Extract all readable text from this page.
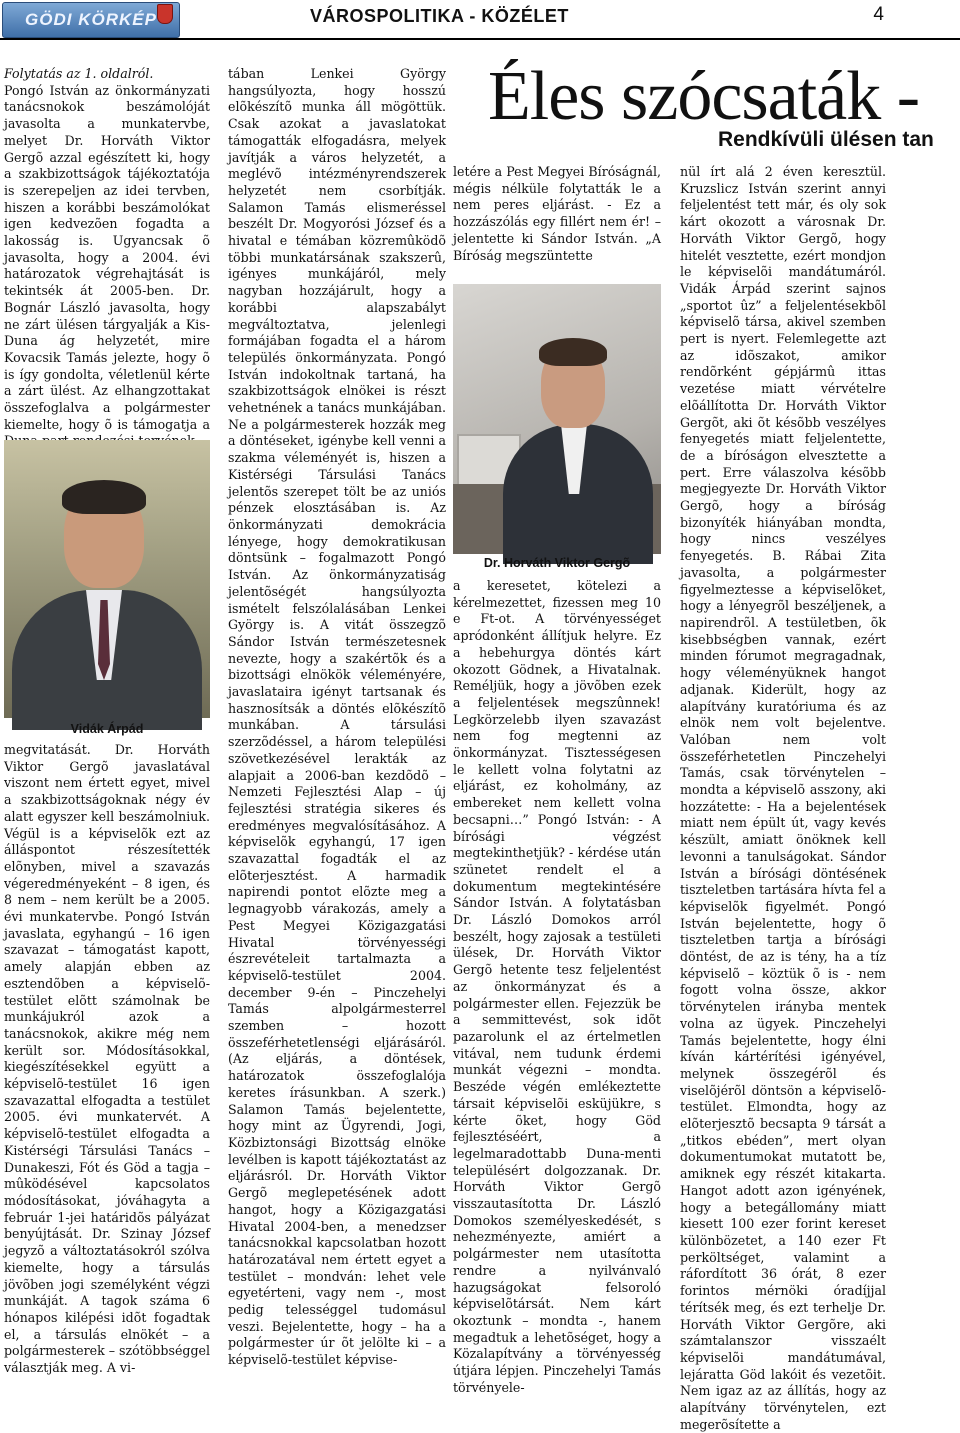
GÖDI KÖRKÉP	VÁROSPOLITIKA - KÖZÉLET	4
Éles szócsaták -
Rendkívüli ülésen tan

Folytatás az 1. oldalról.

Pongó István az önkormányzati tanácsnokok beszámolóját javasolta a munkatervbe, melyet Dr. Horváth Viktor Gergõ azzal egészített ki, hogy a szakbizottságok tájékoztatója is szerepeljen az idei tervben, hiszen a korábbi beszámolókat igen kedvezõen fogadta a lakosság is. Ugyancsak õ javasolta, hogy a 2004. évi határozatok végrehajtását is tekintsék át 2005-ben. Dr. Bognár László javasolta, hogy ne zárt ülésen tárgyalják a Kis-Duna ág helyzetét, mire Kovacsik Tamás jelezte, hogy õ is így gondolta, véletlenül kérte a zárt ülést. Az elhangzottakat összefoglalva a polgármester kiemelte, hogy õ is támogatja a

Vidák Árpád

megvitatását. Dr. Horváth Viktor Gergõ javaslatával viszont nem értett egyet, mivel a szakbizottságoknak négy év alatt egyszer kell beszámolniuk. Végül is a képviselõk ezt az álláspontot részesítették elõnyben, mivel a szavazás végeredményeként – 8 igen, és 8 nem – nem került be a 2005. évi munkatervbe. Pongó István javaslata, egyhangú – 16 igen szavazat – támogatást kapott, amely alapján ebben az esztendõben a képviselõ-testület elõtt számolnak be munkájukról azok a tanácsnokok, akikre még nem került sor. Módosításokkal, kiegészítésekkel együtt a képviselõ-testület 16 igen szavazattal elfogadta a testület 2005. évi munkatervét. A képviselõ-testület elfogadta a Kistérségi Társulási Tanács – Dunakeszi, Fót és Göd a tagja – mûködésével kapcsolatos módosításokat, jóváhagyta a február 1-jei határidõs pályázat benyújtását. Dr. Szinay József jegyzõ a változtatásokról szólva kiemelte, hogy a társulás jövõben jogi személyként végzi munkáját. A tagok száma 6 hónapos kilépési idõt fogadtak el, a társulás elnökét – a polgármesterek – szótöbbséggel választják meg. A vi-

tában Lenkei György hangsúlyozta, hogy hosszú elõkészítõ munka áll mögöttük. Csak azokat a javaslatokat támogatták elfogadásra, melyek javítják a város helyzetét, a meglévõ intézményrendszerek helyzetét nem csorbítják. Salamon Tamás elismeréssel beszélt Dr. Mogyorósi József és a hivatal e témában közremûködõ többi munkatársának szakszerû, igényes munkájáról, mely nagyban hozzájárult, hogy a korábbi alapszabályt megváltoztatva, jelenlegi formájában fogadta el a három település önkormányzata. Pongó István indokoltnak tartaná, ha szakbizottságok elnökei is részt vehetnének a tanács munkájában. Ne a polgármesterek hozzák meg a döntéseket, igénybe kell venni a szakma véleményét is, hiszen a Kistérségi Társulási Tanács jelentõs szerepet tölt be az uniós pénzek elosztásában is. Az önkormányzati demokrácia lényege, hogy demokratikusan döntsünk – fogalmazott Pongó István. Az önkormányzatiság jelentõségét hangsúlyozta ismételt felszólalásában Lenkei György is. A vitát összegzõ Sándor István természetesnek nevezte, hogy a szakértõk és a bizottsági elnökök véleményére, javaslataira igényt tartsanak és hasznosítsák a döntés elõkészítõ munkában. A társulási szerzõdéssel, a három települési szövetkezésével lerakták az alapjait a 2006-ban kezdõdõ – Nemzeti Fejlesztési Alap – új fejlesztési stratégia sikeres és eredményes megvalósításához. A képviselõk egyhangú, 17 igen szavazattal fogadták el az elõterjesztést. A harmadik napirendi pontot elõzte meg a legnagyobb várakozás, amely a Pest Megyei Közigazgatási Hivatal törvényességi észrevételeit tartalmazta a képviselõ-testület 2004. december 9-én – Pinczehelyi Tamás alpolgármesterrel szemben – hozott összeférhetetlenségi eljárásáról. (Az eljárás, a döntések, határozatok összefoglalója keretes írásunkban. A szerk.) Salamon Tamás bejelentette, hogy mint az Ügyrendi, Jogi, Közbiztonsági Bizottság elnöke levélben is kapott tájékoztatást az eljárásról. Dr. Horváth Viktor Gergõ meglepetésének adott hangot, hogy a Közigazgatási Hivatal 2004-ben, a menedzser tanácsnokkal kapcsolatban hozott határozatával nem értett egyet a testület – mondván: lehet vele egyetérteni, vagy nem -, most pedig telességgel tudomásul veszi. Bejelentette, hogy – ha a polgármester úr õt jelölte ki – a képviselõ-testület képvise-

letére a Pest Megyei Bíróságnál, mégis nélküle folytatták le a nem peres eljárást. - Ez a hozzászólás egy fillért nem ér! – jelentette ki Sándor István. „A Bíróság megszüntette

Dr. Horváth Viktor Gergõ

a keresetet, kötelezi a kérelmezettet, fizessen meg 10 e Ft-ot. A törvényességet apródonként állítjuk helyre. Ez a hebehurgya döntés kárt okozott Gödnek, a Hivatalnak. Reméljük, hogy a jövõben ezek a feljelentések megszûnnek! Legkörzelebb ilyen szavazást nem fog megtenni az önkormányzat. Tisztességesen le kellett volna folytatni az eljárást, ez koholmány, az embereket nem kellett volna becsapni…” Pongó István: - A bírósági végzést megtekinthetjük? - kérdése után szünetet rendelt el a dokumentum megtekintésére Sándor István. A folytatásban Dr. László Domokos arról beszélt, hogy zajosak a testületi ülések, Dr. Horváth Viktor Gergõ hetente tesz feljelentést az önkormányzat és a polgármester ellen. Fejezzük be a semmittevést, sok idõt pazarolunk el az értelmetlen vitával, nem tudunk érdemi munkát végezni – mondta. Beszéde végén emlékeztette társait képviselõi esküjükre, s kérte õket, hogy Göd fejlesztéséért, a legelmaradottabb Duna-menti településért dolgozzanak. Dr. Horváth Viktor Gergõ visszautasította Dr. László Domokos személyeskedését, s nehezményezte, amiért a polgármester nem utasította rendre a nyilvánvaló hazugságokat felsoroló képviselõtársát. Nem kárt okoztunk – mondta -, hanem megadtuk a lehetõséget, hogy a Közalapítvány a törvényesség útjára lépjen. Pinczehelyi Tamás törvényele-

nül írt alá 2 éven keresztül. Kruzslicz István szerint annyi feljelentést tett már, és oly sok kárt okozott a városnak Dr. Horváth Viktor Gergõ, hogy hitelét vesztette, ezért mondjon le képviselõi mandátumáról. Vidák Árpád szerint sajnos „sportot ûz” a feljelentésekbõl képviselõ társa, akivel szemben pert is nyert. Felemlegette azt az idõszakot, amikor rendõrként gépjármû ittas vezetése miatt vérvételre elõállította Dr. Horváth Viktor Gergõt, aki õt késõbb veszélyes fenyegetés miatt feljelentette, de a bíróságon elvesztette a pert. Erre válaszolva késõbb megjegyezte Dr. Horváth Viktor Gergõ, hogy a bíróság bizonyíték hiányában mondta, hogy nincs veszélyes fenyegetés. B. Rábai Zita javasolta, a polgármester figyelmeztesse a képviselõket, hogy a lényegrõl beszéljenek, a napirendrõl. A testületben, õk kisebbségben vannak, ezért minden fórumot megragadnak, hogy véleményüknek hangot adjanak. Kiderült, hogy az alapítvány kuratóriuma és az elnök nem volt bejelentve. Valóban nem volt összeférhetetlen Pinczehelyi Tamás, csak törvénytelen – mondta a képviselõ asszony, aki hozzátette: - Ha a bejelentések miatt nem épült út, vagy kevés készült, amiatt önöknek kell levonni a tanulságokat. Sándor István a bírósági döntésének tiszteletben tartására hívta fel a képviselõk figyelmét. Pongó István bejelentette, hogy õ tiszteletben tartja a bírósági döntést, de az is tény, ha a tíz képviselõ – köztük õ is - nem fogott volna össze, akkor törvénytelen irányba mentek volna az ügyek. Pinczehelyi Tamás bejelentette, hogy élni kíván kártérítési igényével, melynek összegérõl és viselõjérõl döntsön a képviselõ-testület. Elmondta, hogy az elõterjesztõ becsapta 9 társát a „titkos ebéden”, mert olyan dokumentumokat mutatott be, amiknek egy részét kitakarta. Hangot adott azon igényének, hogy a betegállomány miatt kiesett 100 ezer forint kereset különbözetet, a 140 ezer Ft perköltséget, valamint a ráfordított 36 órát, 8 ezer forintos mérnöki óradíjjal térítsék meg, és ezt terhelje Dr. Horváth Viktor Gergõre, aki számtalanszor visszaélt képviselõi mandátumával, lejáratta Göd lakóit és vezetõit. Nem igaz az az állítás, hogy az alapítvány törvénytelen, ezt megerõsítette a
